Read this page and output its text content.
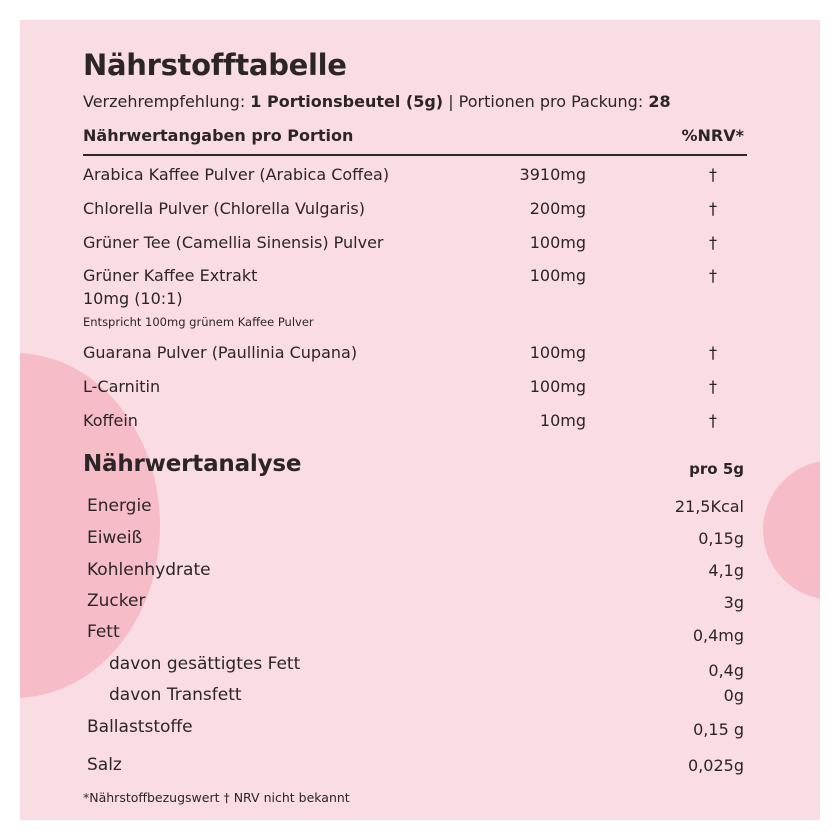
Nährstofftabelle
Verzehrempfehlung: 1 Portionsbeutel (5g) | Portionen pro Packung: 28
Nährwertangaben pro Portion	%NRV*
Arabica Kaffee Pulver (Arabica Coffea)	3910mg	†
Chlorella Pulver (Chlorella Vulgaris)	200mg	†
Grüner Tee (Camellia Sinensis) Pulver	100mg	†
Grüner Kaffee Extrakt
10mg (10:1)
Entspricht 100mg grünem Kaffee Pulver
100mg	†
Guarana Pulver (Paullinia Cupana)	100mg	†
L-Carnitin	100mg	†
Koffein	10mg	†
Nährwertanalyse	pro 5g
Energie	21,5Kcal
Eiweiß	0,15g
Kohlenhydrate	4,1g
Zucker	3g
Fett	0,4mg
davon gesättigtes Fett	0,4g
davon Transfett	0g
Ballaststoffe	0,15 g
Salz	0,025g
*Nährstoffbezugswert † NRV nicht bekannt
